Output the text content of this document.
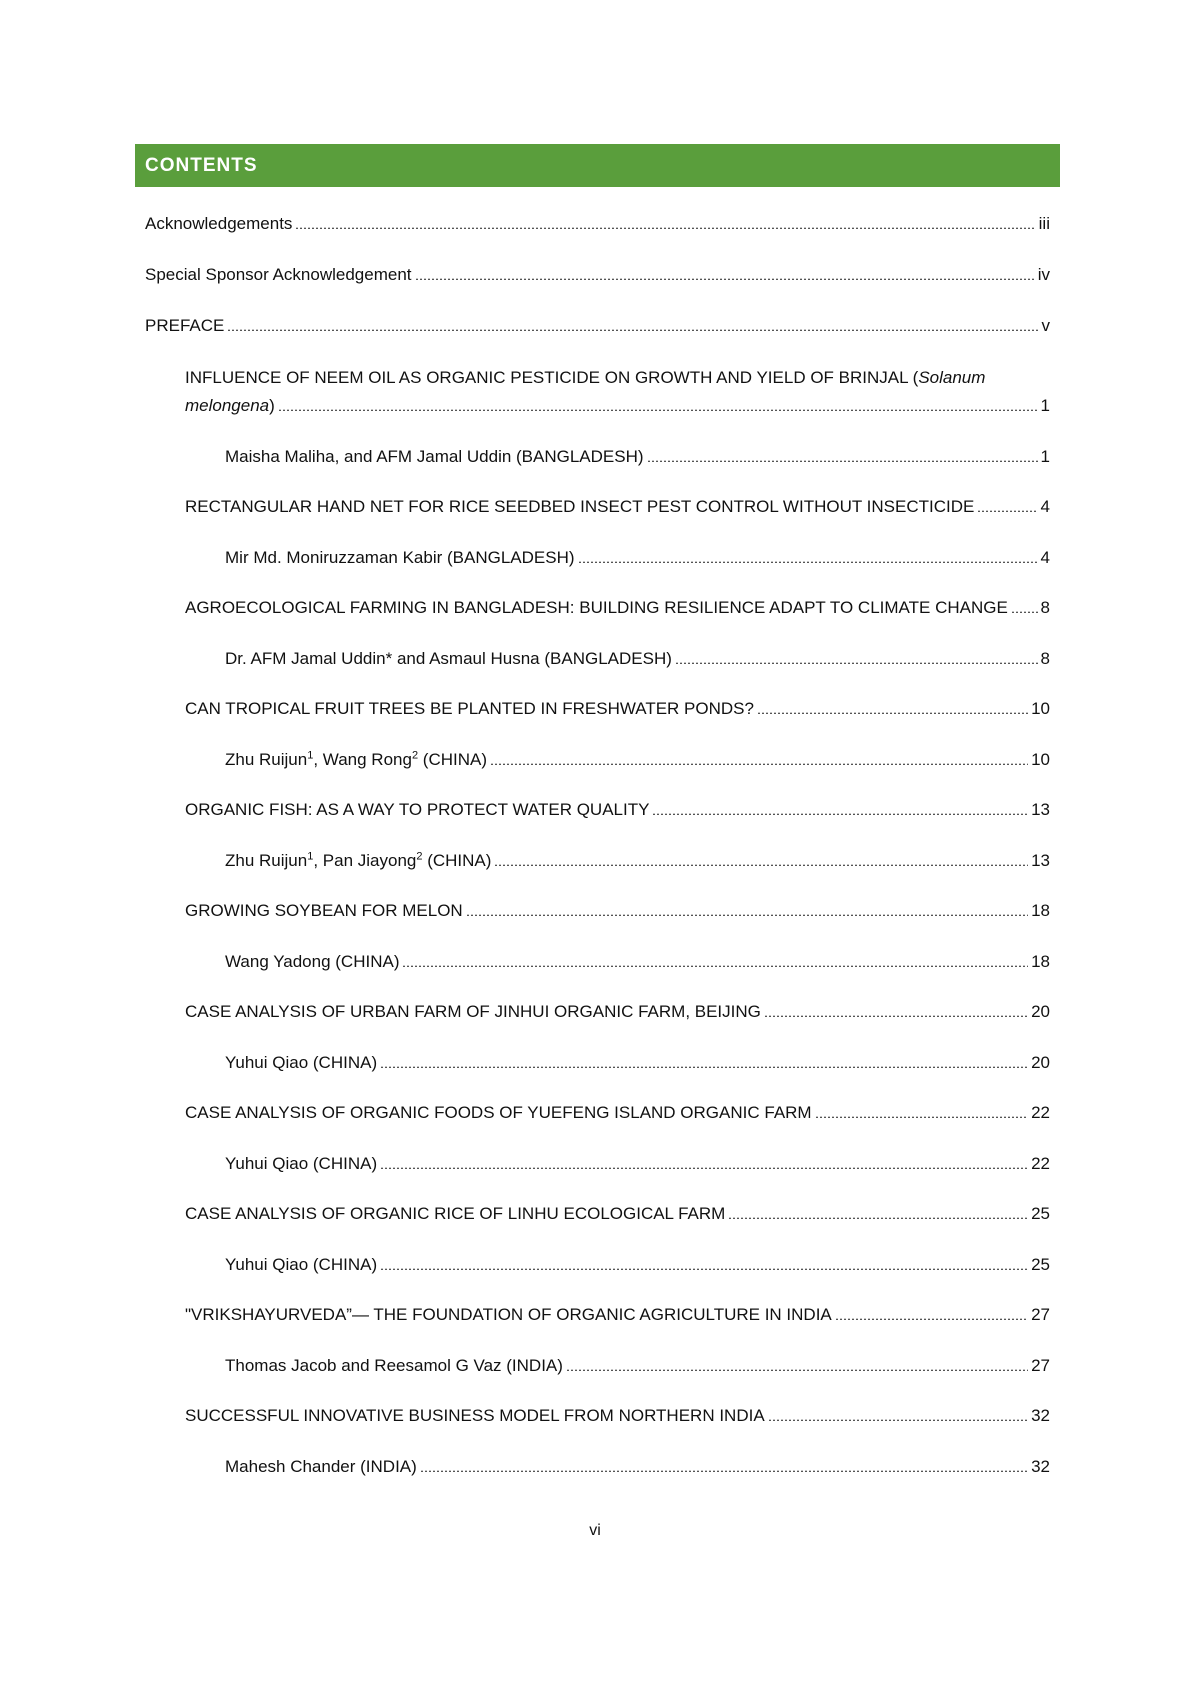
CONTENTS
Acknowledgements	iii
Special Sponsor Acknowledgement	iv
PREFACE	v
INFLUENCE OF NEEM OIL AS ORGANIC PESTICIDE ON GROWTH AND YIELD OF BRINJAL (Solanum
melongena)	1
Maisha Maliha, and AFM Jamal Uddin (BANGLADESH)	1
RECTANGULAR HAND NET FOR RICE SEEDBED INSECT PEST CONTROL WITHOUT INSECTICIDE	4
Mir Md. Moniruzzaman Kabir (BANGLADESH)	4
AGROECOLOGICAL FARMING IN BANGLADESH: BUILDING RESILIENCE ADAPT TO CLIMATE CHANGE 8
Dr. AFM Jamal Uddin* and Asmaul Husna (BANGLADESH)	8
CAN TROPICAL FRUIT TREES BE PLANTED IN FRESHWATER PONDS?	10
Zhu Ruijun$^1$, Wang Rong$^2$ (CHINA)	10
ORGANIC FISH: AS A WAY TO PROTECT WATER QUALITY	13
Zhu Ruijun$^1$, Pan Jiayong$^2$ (CHINA)	13
GROWING SOYBEAN FOR MELON	18
Wang Yadong (CHINA)	18
CASE ANALYSIS OF URBAN FARM OF JINHUI ORGANIC FARM, BEIJING	20
Yuhui Qiao (CHINA)	20
CASE ANALYSIS OF ORGANIC FOODS OF YUEFENG ISLAND ORGANIC FARM	22
Yuhui Qiao (CHINA)	22
CASE ANALYSIS OF ORGANIC RICE OF LINHU ECOLOGICAL FARM	25
Yuhui Qiao (CHINA)	25
"VRIKSHAYURVEDA”— THE FOUNDATION OF ORGANIC AGRICULTURE IN INDIA	27
Thomas Jacob and Reesamol G Vaz (INDIA)	27
SUCCESSFUL INNOVATIVE BUSINESS MODEL FROM NORTHERN INDIA	32
Mahesh Chander (INDIA)	32
vi
